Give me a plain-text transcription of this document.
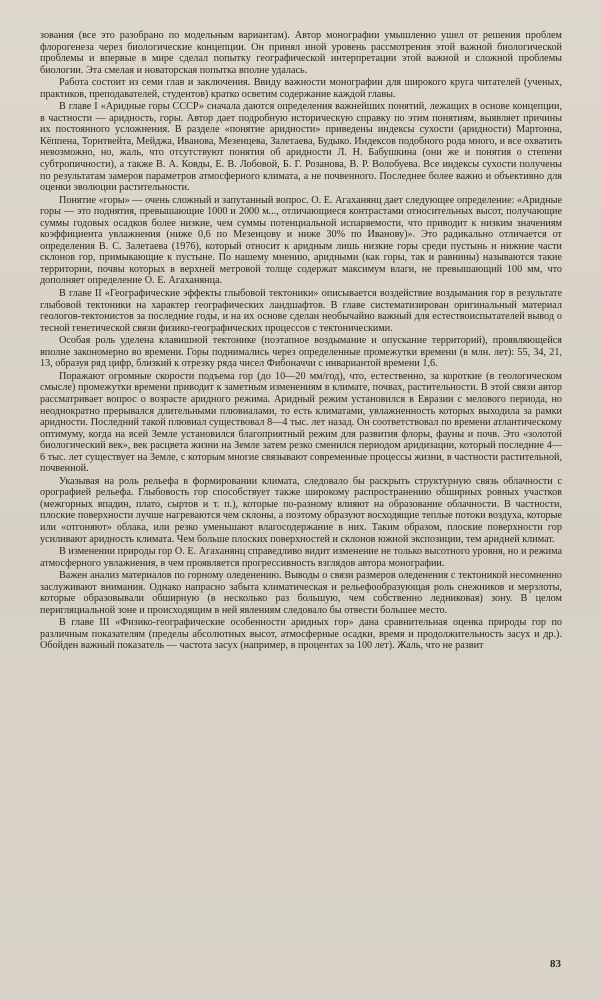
зования (все это разобрано по модельным вариантам). Автор монографии умышленно ушел от решения проблем флорогенеза через биологические концепции. Он принял иной уровень рассмотрения этой важной биологической проблемы и впервые в мире сделал попытку географической интерпретации этой важной и сложной проблемы биологии. Эта смелая и новаторская попытка вполне удалась.

Работа состоит из семи глав и заключения. Ввиду важности монографии для широкого круга читателей (ученых, практиков, преподавателей, студентов) кратко осветим содержание каждой главы.

В главе I «Аридные горы СССР» сначала даются определения важнейших понятий, лежащих в основе концепции, в частности — аридность, горы. Автор дает подробную историческую справку по этим понятиям, выявляет причины их постоянного усложнения. В разделе «понятие аридности» приведены индексы сухости (аридности) Мартонна, Кёппена, Торнтвейта, Мейджа, Иванова, Мезенцева, Залетаева, Будыко. Индексов подобного рода много, и все охватить невозможно, но, жаль, что отсутствуют понятия об аридности Л. Н. Бабушкина (они же и понятия о степени субтропичности), а также В. А. Ковды, Е. В. Лобовой, Б. Г. Розанова, В. Р. Волобуева. Все индексы сухости получены по результатам замеров параметров атмосферного климата, а не почвенного. Последнее более важно и объективно для оценки эволюции растительности.

Понятие «горы» — очень сложный и запутанный вопрос. О. Е. Агаханянц дает следующее определение: «Аридные горы — это поднятия, превышающие 1000 и 2000 м..., отличающиеся контрастами относительных высот, получающие суммы годовых осадков более низкие, чем суммы потенциальной испаряемости, что приводит к низким значениям коэффициента увлажнения (ниже 0,6 по Мезенцову и ниже 30% по Иванову)». Это радикально отличается от определения В. С. Залетаева (1976), который относит к аридным лишь низкие горы среди пустынь и нижние части склонов гор, примыкающие к пустыне. По нашему мнению, аридными (как горы, так и равнины) называются такие территории, почвы которых в верхней метровой толще содержат максимум влаги, не превышающий 100 мм, что дополняет определение О. Е. Агаханянца.

В главе II «Географические эффекты глыбовой тектоники» описывается воздействие воздымания гор в результате глыбовой тектоники на характер географических ландшафтов. В главе систематизирован оригинальный материал геологов-тектонистов за последние годы, и на их основе сделан необычайно важный для естествоиспытателей вывод о тесной генетической связи физико-географических процессов с тектоническими.

Особая роль уделена клавишной тектонике (поэтапное воздымание и опускание территорий), проявляющейся вполне закономерно во времени. Горы поднимались через определенные промежутки времени (в млн. лет): 55, 34, 21, 13, образуя ряд цифр, близкий к отрезку ряда чисел Фибоначчи с инвариантой времени 1,6.

Поражают огромные скорости подъема гор (до 10—20 мм/год), что, естественно, за короткие (в геологическом смысле) промежутки времени приводит к заметным изменениям в климате, почвах, растительности. В этой связи автор рассматривает вопрос о возрасте аридного режима. Аридный режим установился в Евразии с мелового периода, но неоднократно прерывался длительными плювиалами, то есть климатами, увлажненность которых выходила за рамки аридности. Последний такой плювиал существовал 8—4 тыс. лет назад. Он соответствовал по времени атлантическому оптимуму, когда на всей Земле установился благоприятный режим для развития флоры, фауны и почв. Это «золотой биологический век», век расцвета жизни на Земле затем резко сменился периодом аридизации, который последние 4—6 тыс. лет существует на Земле, с которым многие связывают современные процессы жизни, в частности растительной, почвенной.

Указывая на роль рельефа в формировании климата, следовало бы раскрыть структурную связь облачности с орографией рельефа. Глыбовость гор способствует также широкому распространению обширных ровных участков (межгорных впадин, плато, сыртов и т. п.), которые по-разному влияют на образование облачности. В частности, плоские поверхности лучше нагреваются чем склоны, а поэтому образуют восходящие теплые потоки воздуха, которые или «отгоняют» облака, или резко уменьшают влагосодержание в них. Таким образом, плоские поверхности гор усиливают аридность климата. Чем больше плоских поверхностей и склонов южной экспозиции, тем аридней климат.

В изменении природы гор О. Е. Агаханянц справедливо видит изменение не только высотного уровня, но и режима атмосферного увлажнения, в чем проявляется прогрессивность взглядов автора монографии.

Важен анализ материалов по горному оледенению. Выводы о связи размеров оледенения с тектоникой несомненно заслуживают внимания. Однако напрасно забыта климатическая и рельефообразующая роль снежников и мерзлоты, которые образовывали обширную (в несколько раз большую, чем собственно ледниковая) зону. В целом перигляциальной зоне и происходящим в ней явлениям следовало бы отвести большее место.

В главе III «Физико-географические особенности аридных гор» дана сравнительная оценка природы гор по различным показателям (пределы абсолютных высот, атмосферные осадки, время и продолжительность засух и др.). Обойден важный показатель — частота засух (например, в процентах за 100 лет). Жаль, что не развит

83
